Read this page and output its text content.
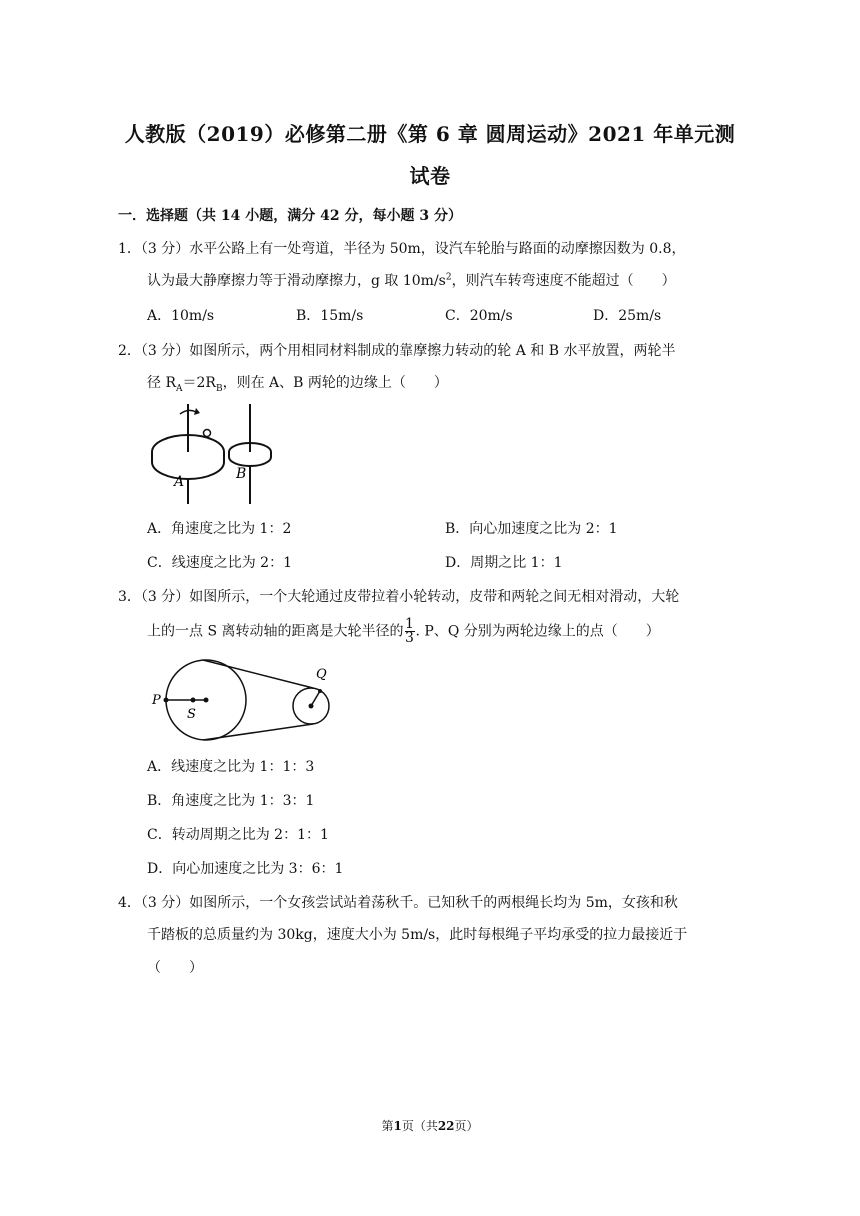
人教版（2019）必修第二册《第 6 章 圆周运动》2021 年单元测
试卷
一．选择题（共 14 小题，满分 42 分，每小题 3 分）
1．（3 分）水平公路上有一处弯道，半径为 50m，设汽车轮胎与路面的动摩擦因数为 0.8，
认为最大静摩擦力等于滑动摩擦力，g 取 $10m/s^2$，则汽车转弯速度不能超过（　　）
A．10m/s	B．15m/s	C．20m/s	D．25m/s
2．（3 分）如图所示，两个用相同材料制成的靠摩擦力转动的轮 A 和 B 水平放置，两轮半
径 $R_A=2R_B$，则在 A、B 两轮的边缘上（　　）
A	B
A．角速度之比为 1：2	B．向心加速度之比为 2：1
C．线速度之比为 2：1	D．周期之比 1：1
3．（3 分）如图所示，一个大轮通过皮带拉着小轮转动，皮带和两轮之间无相对滑动，大轮
上的一点 S 离转动轴的距离是大轮半径的 $\frac{1}{3}$ . P、Q 分别为两轮边缘上的点（　　）
P
S
Q
A．线速度之比为 1：1：3
B．角速度之比为 1：3：1
C．转动周期之比为 2：1：1
D．向心加速度之比为 3：6：1
4．（3 分）如图所示，一个女孩尝试站着荡秋千。已知秋千的两根绳长均为 5m，女孩和秋
千踏板的总质量约为 30kg，速度大小为 5m/s，此时每根绳子平均承受的拉力最接近于
（　　）
第1页（共22页）
